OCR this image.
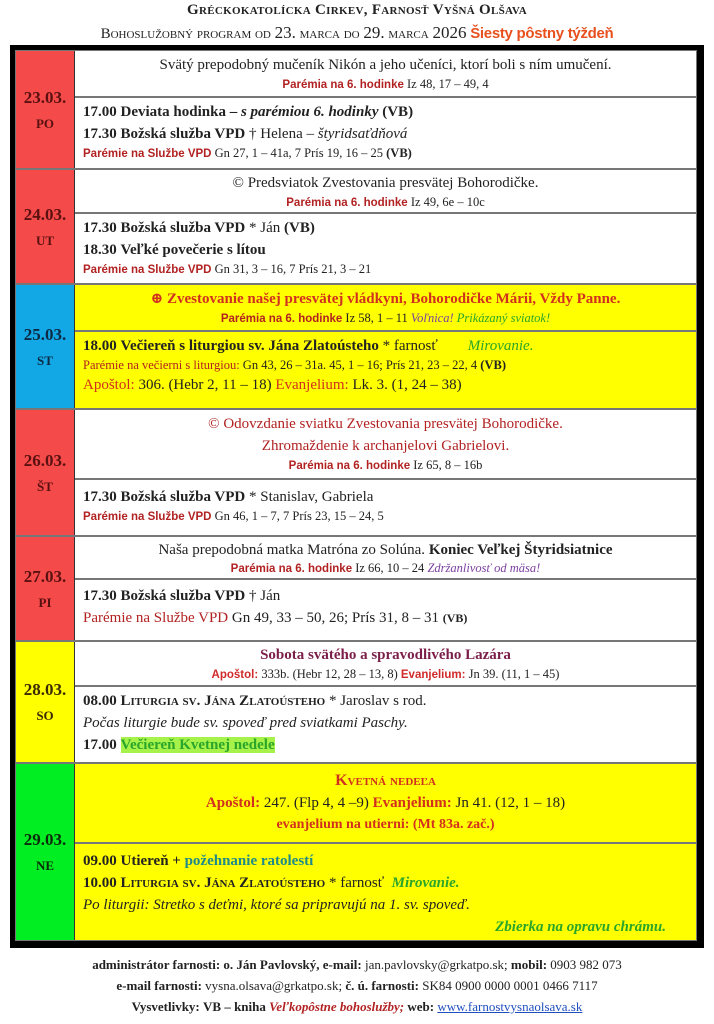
Gréckokatolícka Cirkev, Farnosť Vyšná Olšava
Bohoslužobný program od 23. marca do 29. marca 2026 Šiesty pôstny týždeň
23.03.
PO
Svätý prepodobný mučeník Nikón a jeho učeníci, ktorí boli s ním umučení.
Parémia na 6. hodinke Iz 48, 17 – 49, 4
17.00 Deviata hodinka – s parémiou 6. hodinky (VB)
17.30 Božská služba VPD † Helena – štyridsaťdňová
Parémie na Službe VPD Gn 27, 1 – 41a, 7 Prís 19, 16 – 25 (VB)
24.03.
UT
© Predsviatok Zvestovania presvätej Bohorodičke.
Parémia na 6. hodinke Iz 49, 6e – 10c
17.30 Božská služba VPD * Ján (VB)
18.30 Veľké povečerie s lítou
Parémie na Službe VPD Gn 31, 3 – 16, 7 Prís 21, 3 – 21
25.03.
ST
⊕ Zvestovanie našej presvätej vládkyni, Bohorodičke Márii, Vždy Panne.
Parémia na 6. hodinke Iz 58, 1 – 11 Voľnica! Prikázaný sviatok!
18.00 Večiereň s liturgiou sv. Jána Zlatoústeho * farnosť Mirovanie.
Parémie na večierni s liturgiou: Gn 43, 26 – 31a. 45, 1 – 16; Prís 21, 23 – 22, 4 (VB)
Apoštol: 306. (Hebr 2, 11 – 18) Evanjelium: Lk. 3. (1, 24 – 38)
26.03.
ŠT
© Odovzdanie sviatku Zvestovania presvätej Bohorodičke.
Zhromaždenie k archanjelovi Gabrielovi.
Parémia na 6. hodinke Iz 65, 8 – 16b
17.30 Božská služba VPD * Stanislav, Gabriela
Parémie na Službe VPD Gn 46, 1 – 7, 7 Prís 23, 15 – 24, 5
27.03.
PI
Naša prepodobná matka Matróna zo Solúna. Koniec Veľkej Štyridsiatnice
Parémia na 6. hodinke Iz 66, 10 – 24 Zdržanlivosť od mäsa!
17.30 Božská služba VPD † Ján
Parémie na Službe VPD Gn 49, 33 – 50, 26; Prís 31, 8 – 31 (VB)
28.03.
SO
Sobota svätého a spravodlivého Lazára
Apoštol: 333b. (Hebr 12, 28 – 13, 8) Evanjelium: Jn 39. (11, 1 – 45)
08.00 Liturgia sv. Jána Zlatoústeho * Jaroslav s rod.
Počas liturgie bude sv. spoveď pred sviatkami Paschy.
17.00 Večiereň Kvetnej nedele
29.03.
NE
Kvetná nedeľa
Apoštol: 247. (Flp 4, 4 –9) Evanjelium: Jn 41. (12, 1 – 18)
evanjelium na utierni: (Mt 83a. zač.)
09.00 Utiereň + požehnanie ratolestí
10.00 Liturgia sv. Jána Zlatoústeho * farnosť Mirovanie.
Po liturgii: Stretko s deťmi, ktoré sa pripravujú na 1. sv. spoveď.
Zbierka na opravu chrámu.
administrátor farnosti: o. Ján Pavlovský, e-mail: jan.pavlovsky@grkatpo.sk; mobil: 0903 982 073
e-mail farnosti: vysna.olsava@grkatpo.sk; č. ú. farnosti: SK84 0900 0000 0001 0466 7117
Vysvetlivky: VB – kniha Veľkopôstne bohoslužby; web: www.farnostvysnaolsava.sk
